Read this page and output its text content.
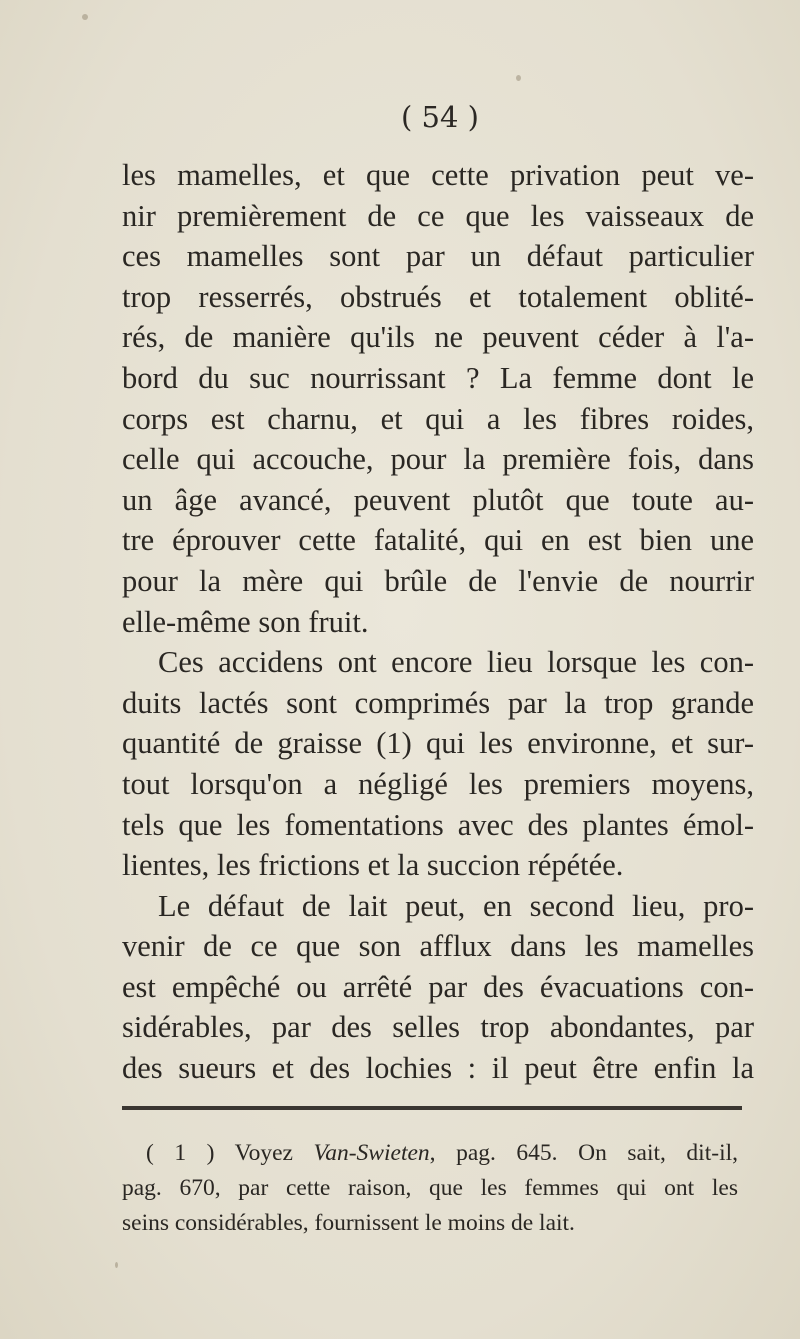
( 54 )
les mamelles, et que cette privation peut ve-
nir premièrement de ce que les vaisseaux de
ces mamelles sont par un défaut particulier
trop resserrés, obstrués et totalement oblité-
rés, de manière qu'ils ne peuvent céder à l'a-
bord du suc nourrissant ? La femme dont le
corps est charnu, et qui a les fibres roides,
celle qui accouche, pour la première fois, dans
un âge avancé, peuvent plutôt que toute au-
tre éprouver cette fatalité, qui en est bien une
pour la mère qui brûle de l'envie de nourrir
elle-même son fruit.
Ces accidens ont encore lieu lorsque les con-
duits lactés sont comprimés par la trop grande
quantité de graisse (1) qui les environne, et sur-
tout lorsqu'on a négligé les premiers moyens,
tels que les fomentations avec des plantes émol-
lientes, les frictions et la succion répétée.
Le défaut de lait peut, en second lieu, pro-
venir de ce que son afflux dans les mamelles
est empêché ou arrêté par des évacuations con-
sidérables, par des selles trop abondantes, par
des sueurs et des lochies : il peut être enfin la
( 1 ) Voyez Van-Swieten, pag. 645. On sait, dit-il,
pag. 670, par cette raison, que les femmes qui ont les
seins considérables, fournissent le moins de lait.
